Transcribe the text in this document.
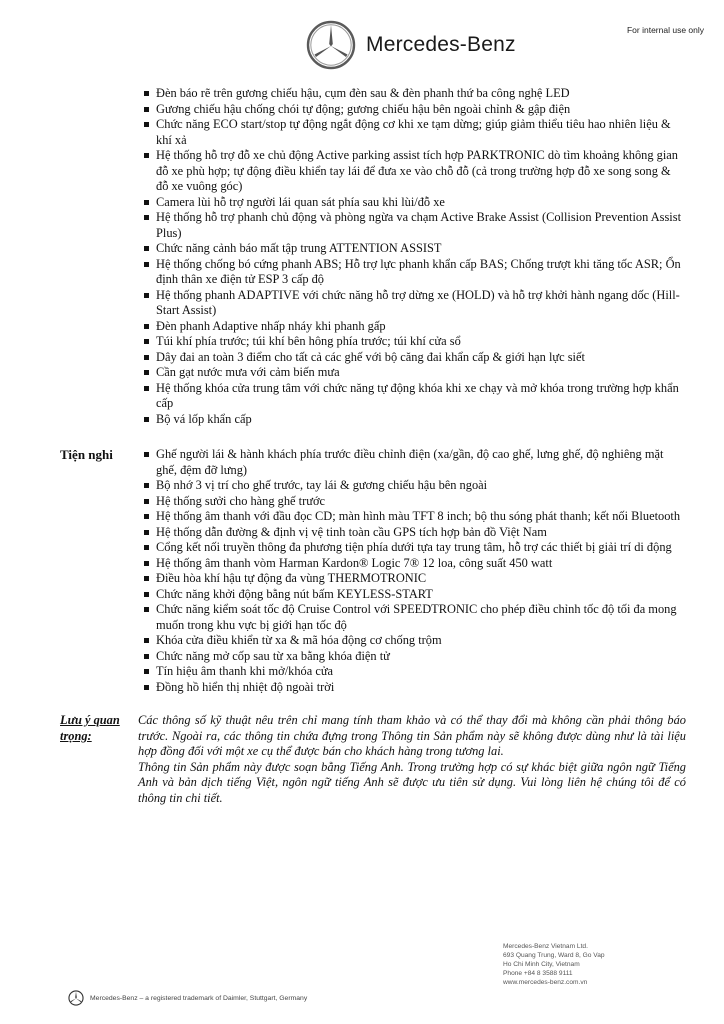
For internal use only
Mercedes-Benz
Đèn báo rẽ trên gương chiếu hậu, cụm đèn sau & đèn phanh thứ ba công nghệ LED
Gương chiếu hậu chống chói tự động; gương chiếu hậu bên ngoài chỉnh & gập điện
Chức năng ECO start/stop tự động ngắt động cơ khi xe tạm dừng; giúp giảm thiểu tiêu hao nhiên liệu & khí xả
Hệ thống hỗ trợ đỗ xe chủ động Active parking assist tích hợp PARKTRONIC dò tìm khoảng không gian đỗ xe phù hợp; tự động điều khiển tay lái để đưa xe vào chỗ đỗ (cả trong trường hợp đỗ xe song song & đỗ xe vuông góc)
Camera lùi hỗ trợ người lái quan sát phía sau khi lùi/đỗ xe
Hệ thống hỗ trợ phanh chủ động và phòng ngừa va chạm Active Brake Assist (Collision Prevention Assist Plus)
Chức năng cảnh báo mất tập trung ATTENTION ASSIST
Hệ thống chống bó cứng phanh ABS; Hỗ trợ lực phanh khẩn cấp BAS; Chống trượt khi tăng tốc ASR; Ổn định thân xe điện tử ESP 3 cấp độ
Hệ thống phanh ADAPTIVE với chức năng hỗ trợ dừng xe (HOLD) và hỗ trợ khởi hành ngang dốc (Hill-Start Assist)
Đèn phanh Adaptive nhấp nháy khi phanh gấp
Túi khí phía trước; túi khí bên hông phía trước; túi khí cửa sổ
Dây đai an toàn 3 điểm cho tất cả các ghế với bộ căng đai khẩn cấp & giới hạn lực siết
Cần gạt nước mưa với cảm biến mưa
Hệ thống khóa cửa trung tâm với chức năng tự động khóa khi xe chạy và mở khóa trong trường hợp khẩn cấp
Bộ vá lốp khẩn cấp
Tiện nghi	Ghế người lái & hành khách phía trước điều chỉnh điện (xa/gần, độ cao ghế, lưng ghế, độ nghiêng mặt ghế, đệm đỡ lưng)
Bộ nhớ 3 vị trí cho ghế trước, tay lái & gương chiếu hậu bên ngoài
Hệ thống sưởi cho hàng ghế trước
Hệ thống âm thanh với đầu đọc CD; màn hình màu TFT 8 inch; bộ thu sóng phát thanh; kết nối Bluetooth
Hệ thống dẫn đường & định vị vệ tinh toàn cầu GPS tích hợp bản đồ Việt Nam
Cổng kết nối truyền thông đa phương tiện phía dưới tựa tay trung tâm, hỗ trợ các thiết bị giải trí di động
Hệ thống âm thanh vòm Harman Kardon® Logic 7® 12 loa, công suất 450 watt
Điều hòa khí hậu tự động đa vùng THERMOTRONIC
Chức năng khởi động bằng nút bấm KEYLESS-START
Chức năng kiểm soát tốc độ Cruise Control với SPEEDTRONIC cho phép điều chỉnh tốc độ tối đa mong muốn trong khu vực bị giới hạn tốc độ
Khóa cửa điều khiển từ xa & mã hóa động cơ chống trộm
Chức năng mở cốp sau từ xa bằng khóa điện tử
Tín hiệu âm thanh khi mở/khóa cửa
Đồng hồ hiển thị nhiệt độ ngoài trời
Lưu ý quan trọng:

Các thông số kỹ thuật nêu trên chỉ mang tính tham khảo và có thể thay đổi mà không cần phải thông báo trước. Ngoài ra, các thông tin chứa đựng trong Thông tin Sản phẩm này sẽ không được dùng như là tài liệu hợp đồng đối với một xe cụ thể được bán cho khách hàng trong tương lai.

Thông tin Sản phẩm này được soạn bằng Tiếng Anh. Trong trường hợp có sự khác biệt giữa ngôn ngữ Tiếng Anh và bản dịch tiếng Việt, ngôn ngữ tiếng Anh sẽ được ưu tiên sử dụng. Vui lòng liên hệ chúng tôi để có thông tin chi tiết.

Mercedes-Benz Vietnam Ltd.
693 Quang Trung, Ward 8, Go Vap
Ho Chi Minh City, Vietnam
Phone +84 8 3588 9111
www.mercedes-benz.com.vn
Mercedes-Benz – a registered trademark of Daimler, Stuttgart, Germany
